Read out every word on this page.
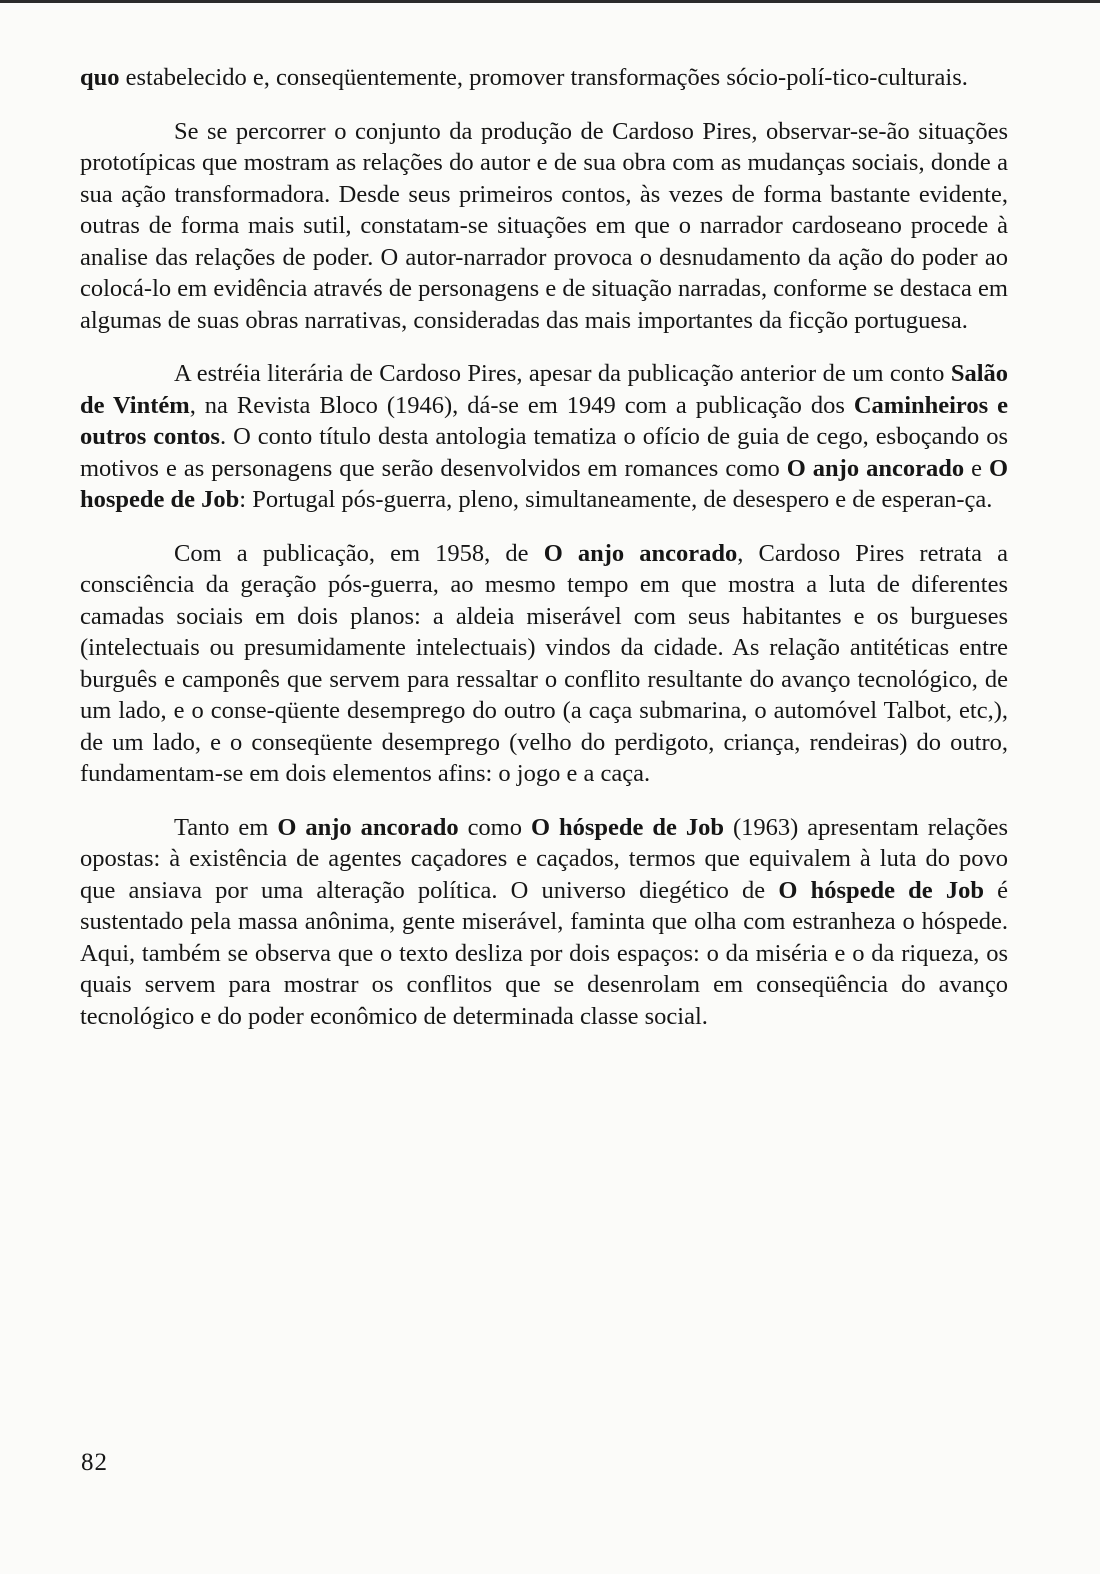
quo estabelecido e, conseqüentemente, promover transformações sócio-polí-tico-culturais.

Se se percorrer o conjunto da produção de Cardoso Pires, observar-se-ão situações prototípicas que mostram as relações do autor e de sua obra com as mudanças sociais, donde a sua ação transformadora. Desde seus primeiros contos, às vezes de forma bastante evidente, outras de forma mais sutil, constatam-se situações em que o narrador cardoseano procede à analise das relações de poder. O autor-narrador provoca o desnudamento da ação do poder ao colocá-lo em evidência através de personagens e de situação narradas, conforme se destaca em algumas de suas obras narrativas, consideradas das mais importantes da ficção portuguesa.

A estréia literária de Cardoso Pires, apesar da publicação anterior de um conto Salão de Vintém, na Revista Bloco (1946), dá-se em 1949 com a publicação dos Caminheiros e outros contos. O conto título desta antologia tematiza o ofício de guia de cego, esboçando os motivos e as personagens que serão desenvolvidos em romances como O anjo ancorado e O hospede de Job: Portugal pós-guerra, pleno, simultaneamente, de desespero e de esperan-ça.

Com a publicação, em 1958, de O anjo ancorado, Cardoso Pires retrata a consciência da geração pós-guerra, ao mesmo tempo em que mostra a luta de diferentes camadas sociais em dois planos: a aldeia miserável com seus habitantes e os burgueses (intelectuais ou presumidamente intelectuais) vindos da cidade. As relação antitéticas entre burguês e camponês que servem para ressaltar o conflito resultante do avanço tecnológico, de um lado, e o conse-qüente desemprego do outro (a caça submarina, o automóvel Talbot, etc,), de um lado, e o conseqüente desemprego (velho do perdigoto, criança, rendeiras) do outro, fundamentam-se em dois elementos afins: o jogo e a caça.

Tanto em O anjo ancorado como O hóspede de Job (1963) apresentam relações opostas: à existência de agentes caçadores e caçados, termos que equivalem à luta do povo que ansiava por uma alteração política. O universo diegético de O hóspede de Job é sustentado pela massa anônima, gente miserável, faminta que olha com estranheza o hóspede. Aqui, também se observa que o texto desliza por dois espaços: o da miséria e o da riqueza, os quais servem para mostrar os conflitos que se desenrolam em conseqüência do avanço tecnológico e do poder econômico de determinada classe social.

82
